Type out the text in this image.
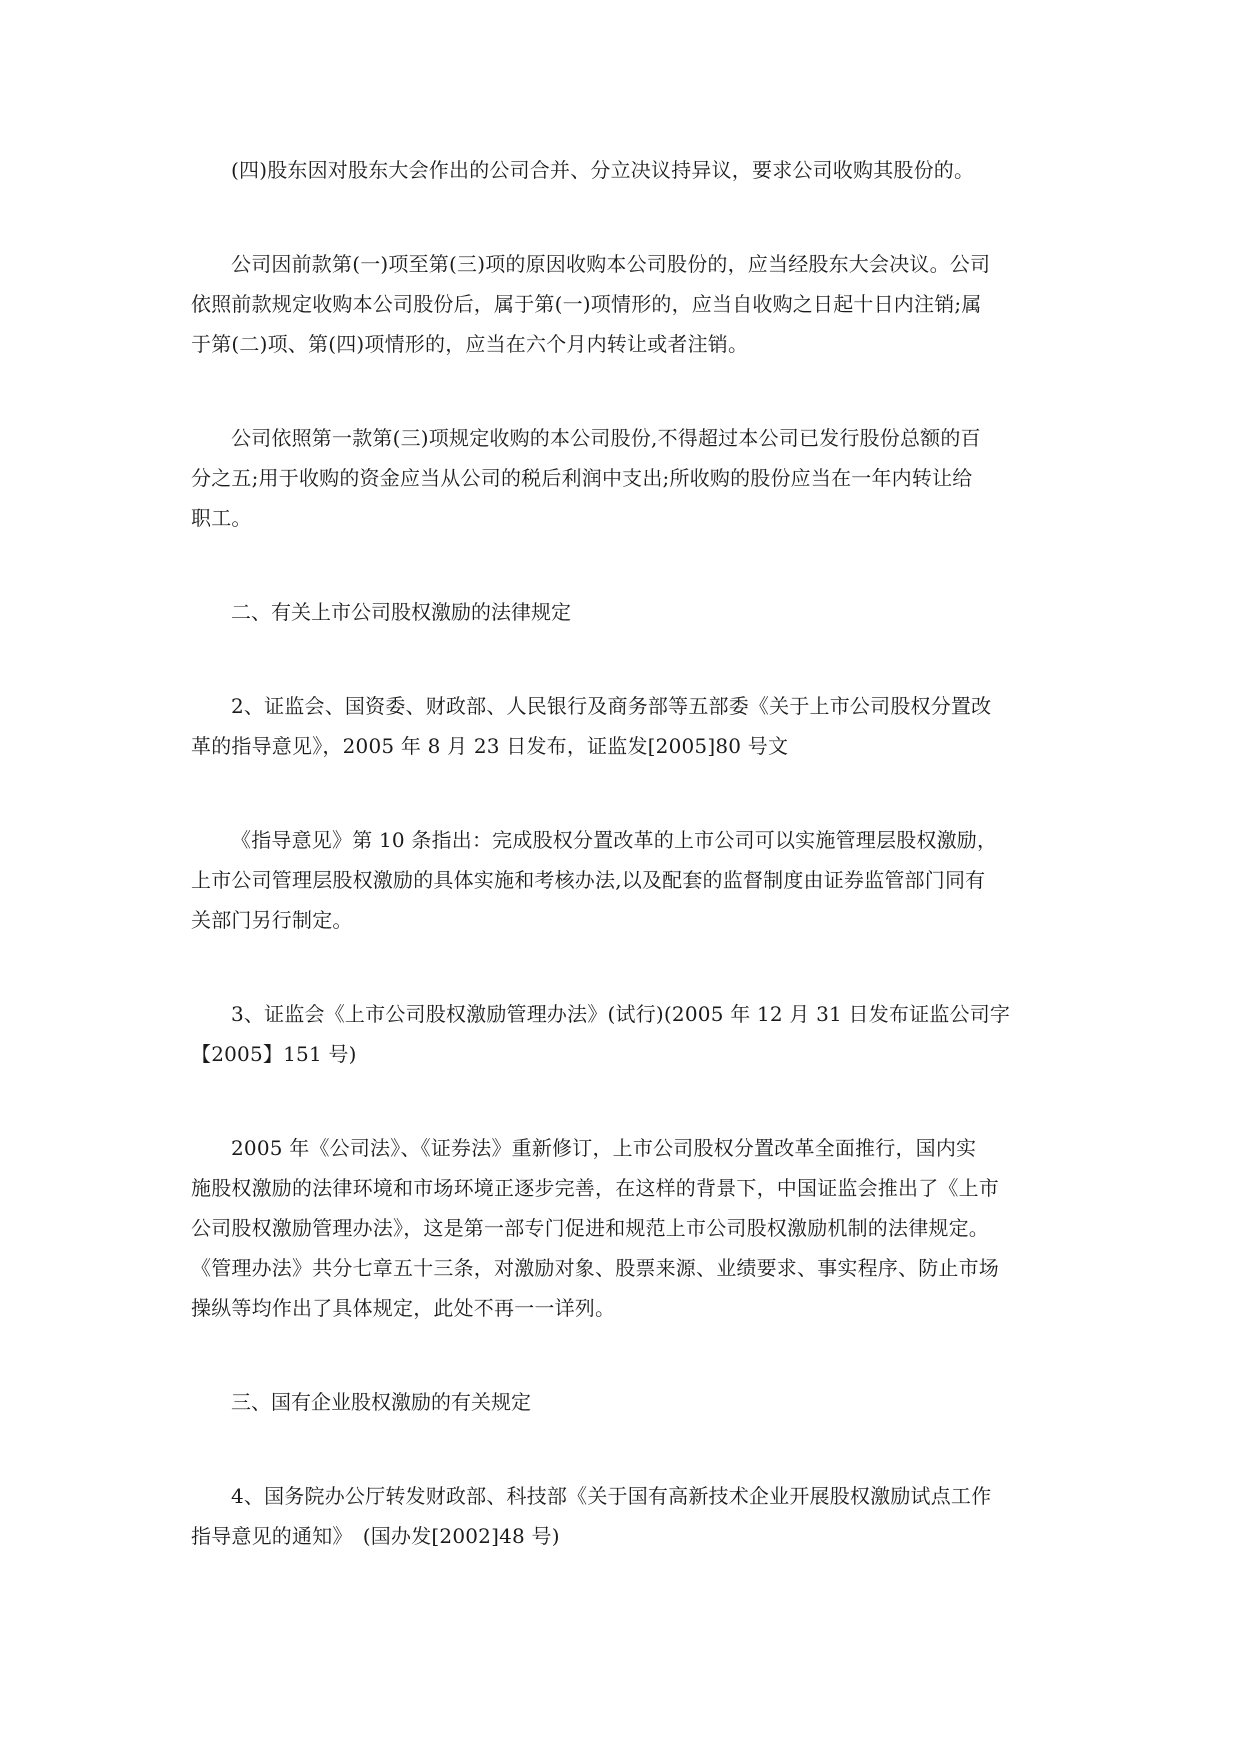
(四)股东因对股东大会作出的公司合并、分立决议持异议，要求公司收购其股份的。

公司因前款第(一)项至第(三)项的原因收购本公司股份的，应当经股东大会决议。公司
依照前款规定收购本公司股份后，属于第(一)项情形的，应当自收购之日起十日内注销;属
于第(二)项、第(四)项情形的，应当在六个月内转让或者注销。

公司依照第一款第(三)项规定收购的本公司股份,不得超过本公司已发行股份总额的百
分之五;用于收购的资金应当从公司的税后利润中支出;所收购的股份应当在一年内转让给
职工。

二、有关上市公司股权激励的法律规定

2、证监会、国资委、财政部、人民银行及商务部等五部委《关于上市公司股权分置改
革的指导意见》，2005 年 8 月 23 日发布，证监发[2005]80 号文

《指导意见》第 10 条指出：完成股权分置改革的上市公司可以实施管理层股权激励，
上市公司管理层股权激励的具体实施和考核办法,以及配套的监督制度由证券监管部门同有
关部门另行制定。

3、证监会《上市公司股权激励管理办法》(试行)(2005 年 12 月 31 日发布证监公司字
【2005】151 号)

2005 年《公司法》、《证券法》重新修订，上市公司股权分置改革全面推行，国内实
施股权激励的法律环境和市场环境正逐步完善，在这样的背景下，中国证监会推出了《上市
公司股权激励管理办法》，这是第一部专门促进和规范上市公司股权激励机制的法律规定。
《管理办法》共分七章五十三条，对激励对象、股票来源、业绩要求、事实程序、防止市场
操纵等均作出了具体规定，此处不再一一详列。

三、国有企业股权激励的有关规定

4、国务院办公厅转发财政部、科技部《关于国有高新技术企业开展股权激励试点工作
指导意见的通知》　(国办发[2002]48 号)
